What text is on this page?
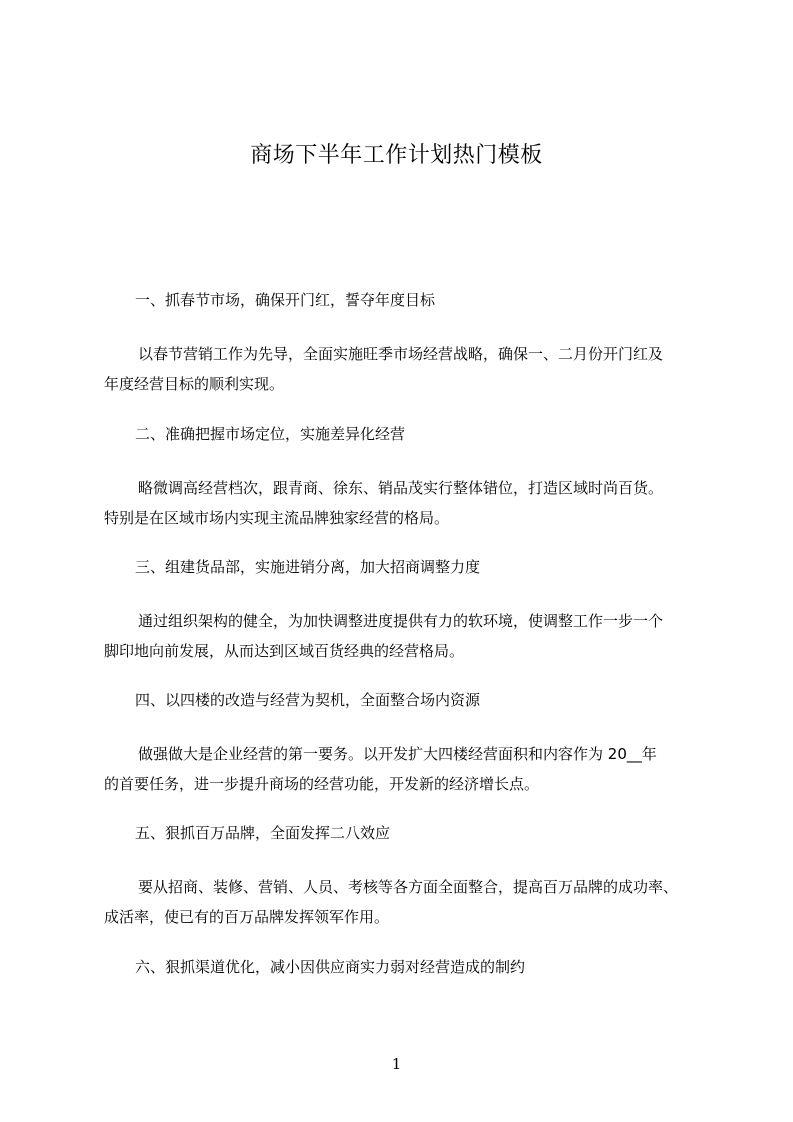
商场下半年工作计划热门模板
一、抓春节市场，确保开门红，誓夺年度目标
以春节营销工作为先导，全面实施旺季市场经营战略，确保一、二月份开门红及
年度经营目标的顺利实现。
二、准确把握市场定位，实施差异化经营
略微调高经营档次，跟青商、徐东、销品茂实行整体错位，打造区域时尚百货。
特别是在区域市场内实现主流品牌独家经营的格局。
三、组建货品部，实施进销分离，加大招商调整力度
通过组织架构的健全，为加快调整进度提供有力的软环境，使调整工作一步一个
脚印地向前发展，从而达到区域百货经典的经营格局。
四、以四楼的改造与经营为契机，全面整合场内资源
做强做大是企业经营的第一要务。以开发扩大四楼经营面积和内容作为 20__年
的首要任务，进一步提升商场的经营功能，开发新的经济增长点。
五、狠抓百万品牌，全面发挥二八效应
要从招商、装修、营销、人员、考核等各方面全面整合，提高百万品牌的成功率、
成活率，使已有的百万品牌发挥领军作用。
六、狠抓渠道优化，减小因供应商实力弱对经营造成的制约
1
